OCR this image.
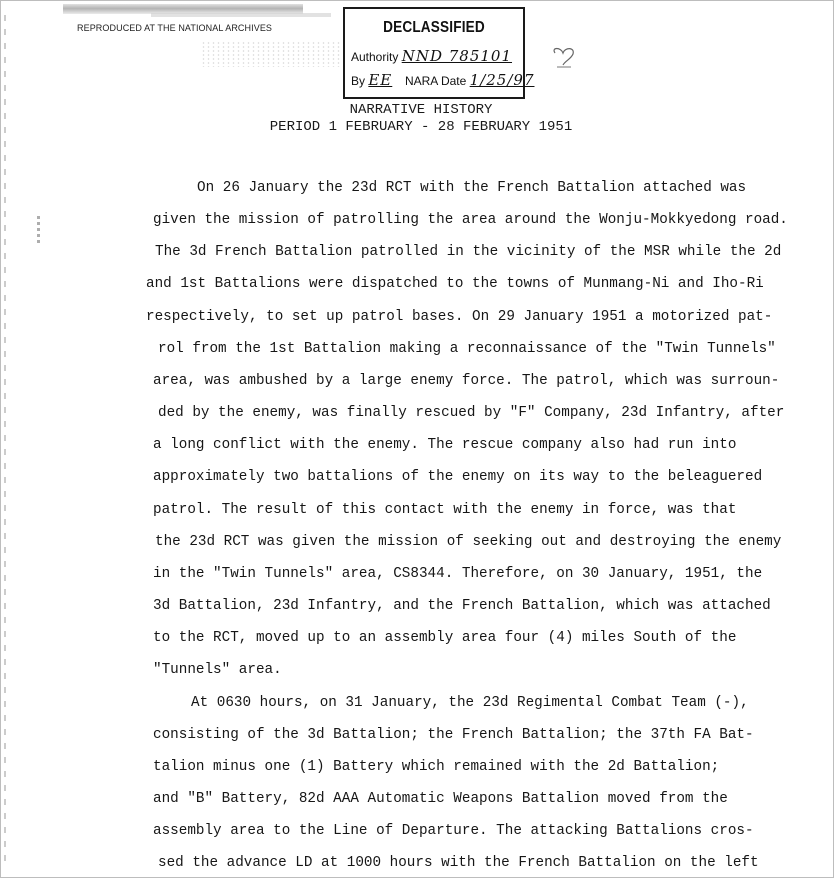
REPRODUCED AT THE NATIONAL ARCHIVES	DECLASSIFIED
Authority NND 785101
By EE NARA Date 1/25/97
NARRATIVE HISTORY
PERIOD 1 FEBRUARY - 28 FEBRUARY 1951
On 26 January the 23d RCT with the French Battalion attached was
given the mission of patrolling the area around the Wonju-Mokkyedong road.
The 3d French Battalion patrolled in the vicinity of the MSR while the 2d
and 1st Battalions were dispatched to the towns of Munmang-Ni and Iho-Ri
respectively, to set up patrol bases. On 29 January 1951 a motorized pat-
rol from the 1st Battalion making a reconnaissance of the "Twin Tunnels"
area, was ambushed by a large enemy force. The patrol, which was surroun-
ded by the enemy, was finally rescued by "F" Company, 23d Infantry, after
a long conflict with the enemy. The rescue company also had run into
approximately two battalions of the enemy on its way to the beleaguered
patrol. The result of this contact with the enemy in force, was that
the 23d RCT was given the mission of seeking out and destroying the enemy
in the "Twin Tunnels" area, CS8344. Therefore, on 30 January, 1951, the
3d Battalion, 23d Infantry, and the French Battalion, which was attached
to the RCT, moved up to an assembly area four (4) miles South of the
"Tunnels" area.
At 0630 hours, on 31 January, the 23d Regimental Combat Team (-),
consisting of the 3d Battalion; the French Battalion; the 37th FA Bat-
talion minus one (1) Battery which remained with the 2d Battalion;
and "B" Battery, 82d AAA Automatic Weapons Battalion moved from the
assembly area to the Line of Departure. The attacking Battalions cros-
sed the advance LD at 1000 hours with the French Battalion on the left
